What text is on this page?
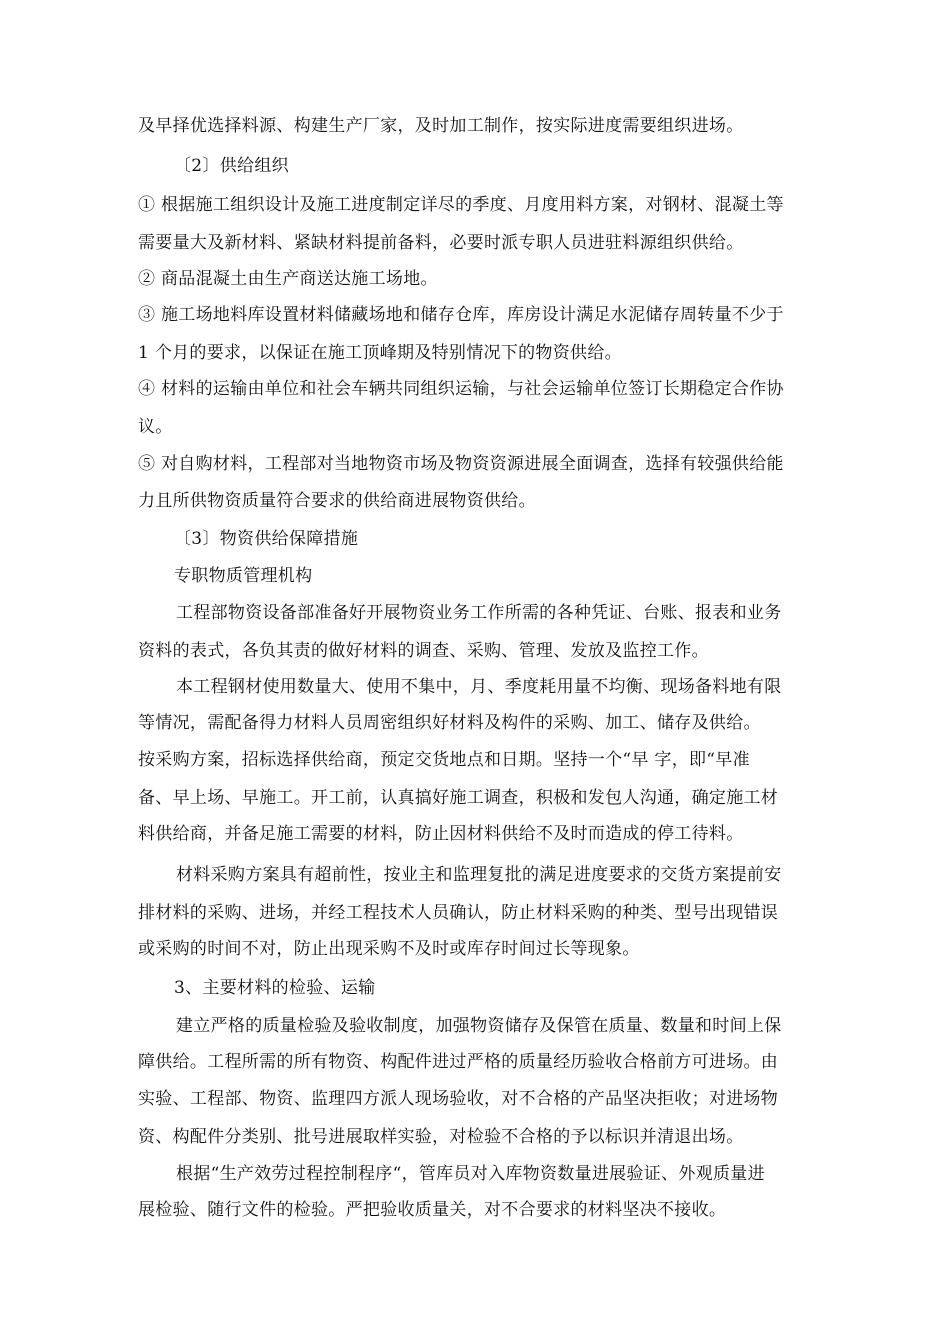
及早择优选择料源、构建生产厂家，及时加工制作，按实际进度需要组织进场。
〔2〕供给组织
① 根据施工组织设计及施工进度制定详尽的季度、月度用料方案，对钢材、混凝土等
需要量大及新材料、紧缺材料提前备料，必要时派专职人员进驻料源组织供给。
② 商品混凝土由生产商送达施工场地。
③ 施工场地料库设置材料储藏场地和储存仓库，库房设计满足水泥储存周转量不少于
1 个月的要求，以保证在施工顶峰期及特别情况下的物资供给。
④ 材料的运输由单位和社会车辆共同组织运输，与社会运输单位签订长期稳定合作协
议。
⑤ 对自购材料，工程部对当地物资市场及物资资源进展全面调查，选择有较强供给能
力且所供物资质量符合要求的供给商进展物资供给。
〔3〕物资供给保障措施
专职物质管理机构
工程部物资设备部准备好开展物资业务工作所需的各种凭证、台账、报表和业务
资料的表式，各负其责的做好材料的调查、采购、管理、发放及监控工作。
本工程钢材使用数量大、使用不集中，月、季度耗用量不均衡、现场备料地有限
等情况，需配备得力材料人员周密组织好材料及构件的采购、加工、储存及供给。
按采购方案，招标选择供给商，预定交货地点和日期。坚持一个“早 字，即“早准
备、早上场、早施工。开工前，认真搞好施工调查，积极和发包人沟通，确定施工材
料供给商，并备足施工需要的材料，防止因材料供给不及时而造成的停工待料。
材料采购方案具有超前性，按业主和监理复批的满足进度要求的交货方案提前安
排材料的采购、进场，并经工程技术人员确认，防止材料采购的种类、型号出现错误
或采购的时间不对，防止出现采购不及时或库存时间过长等现象。
3、主要材料的检验、运输
建立严格的质量检验及验收制度，加强物资储存及保管在质量、数量和时间上保
障供给。工程所需的所有物资、构配件进过严格的质量经历验收合格前方可进场。由
实验、工程部、物资、监理四方派人现场验收，对不合格的产品坚决拒收；对进场物
资、构配件分类别、批号进展取样实验，对检验不合格的予以标识并清退出场。
根据“生产效劳过程控制程序“，管库员对入库物资数量进展验证、外观质量进
展检验、随行文件的检验。严把验收质量关，对不合要求的材料坚决不接收。
